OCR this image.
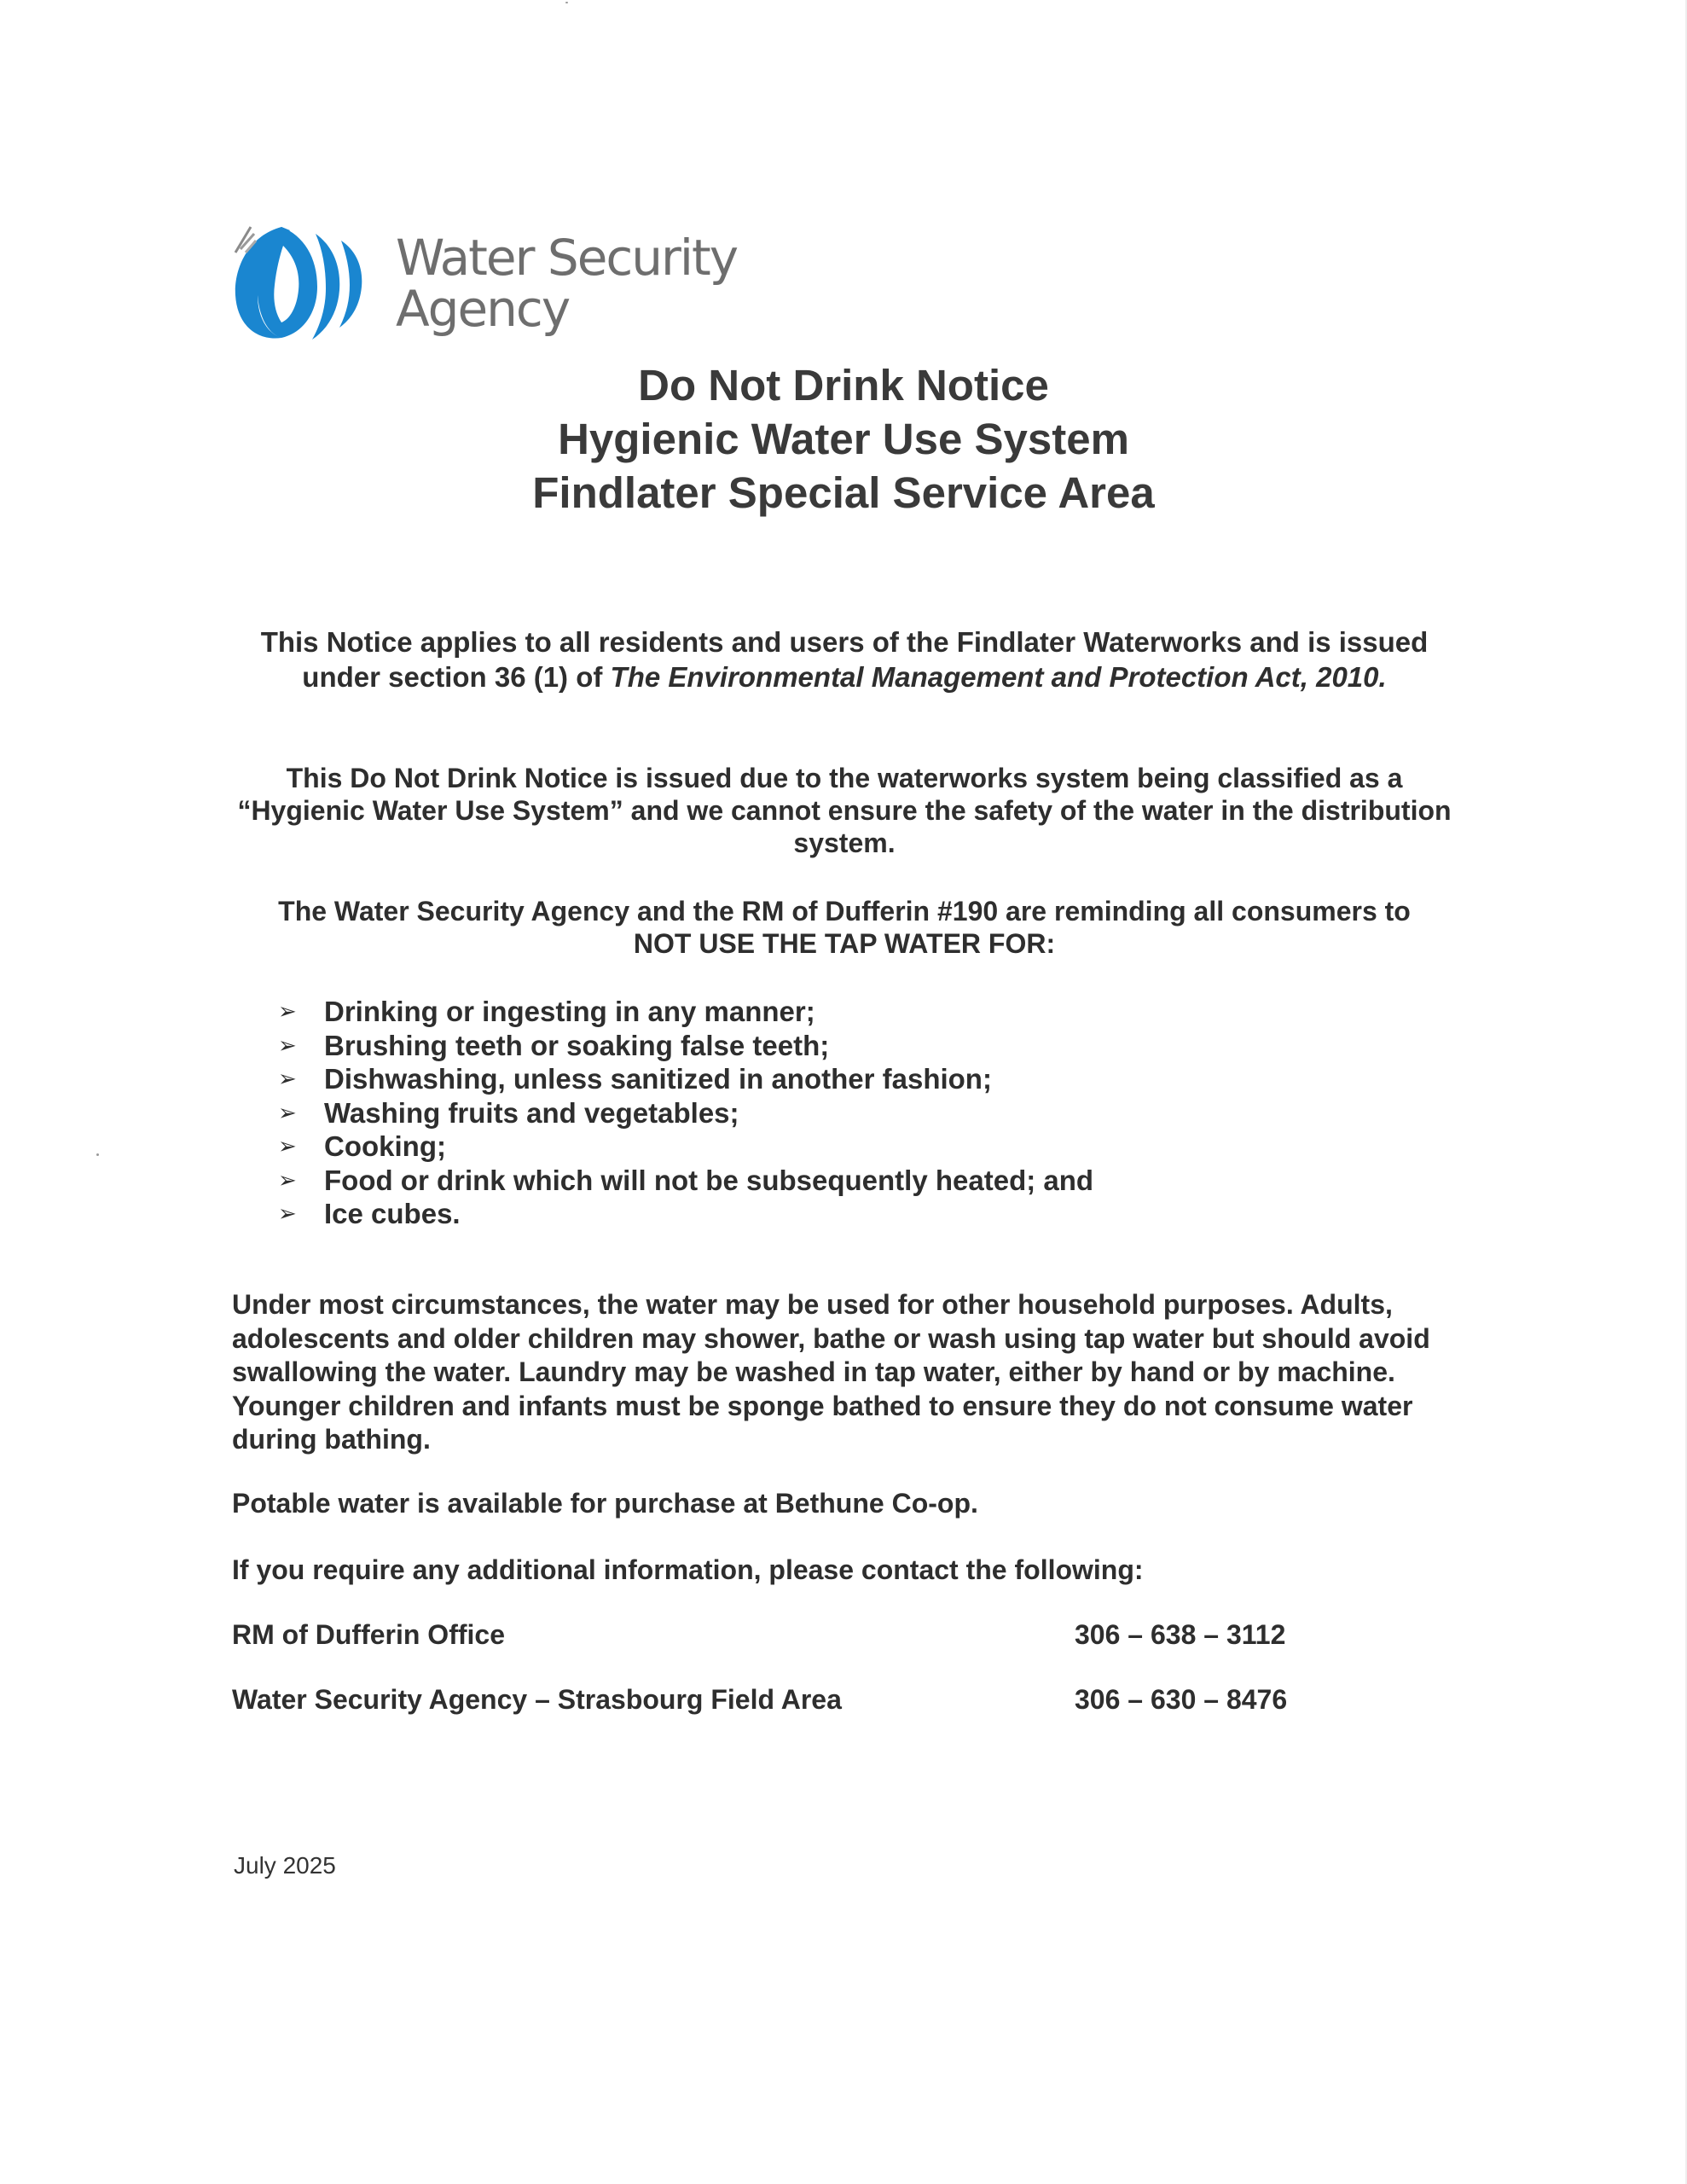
Water Security
Agency
Do Not Drink Notice
Hygienic Water Use System
Findlater Special Service Area
This Notice applies to all residents and users of the Findlater Waterworks and is issued under section 36 (1) of The Environmental Management and Protection Act, 2010.
This Do Not Drink Notice is issued due to the waterworks system being classified as a “Hygienic Water Use System” and we cannot ensure the safety of the water in the distribution system.
The Water Security Agency and the RM of Dufferin #190 are reminding all consumers to
NOT USE THE TAP WATER FOR:
➢ Drinking or ingesting in any manner;
➢ Brushing teeth or soaking false teeth;
➢ Dishwashing, unless sanitized in another fashion;
➢ Washing fruits and vegetables;
➢ Cooking;
➢ Food or drink which will not be subsequently heated; and
➢ Ice cubes.
Under most circumstances, the water may be used for other household purposes. Adults, adolescents and older children may shower, bathe or wash using tap water but should avoid swallowing the water. Laundry may be washed in tap water, either by hand or by machine. Younger children and infants must be sponge bathed to ensure they do not consume water during bathing.
Potable water is available for purchase at Bethune Co-op.
If you require any additional information, please contact the following:
RM of Dufferin Office	306 – 638 – 3112
Water Security Agency – Strasbourg Field Area	306 – 630 – 8476
July 2025
